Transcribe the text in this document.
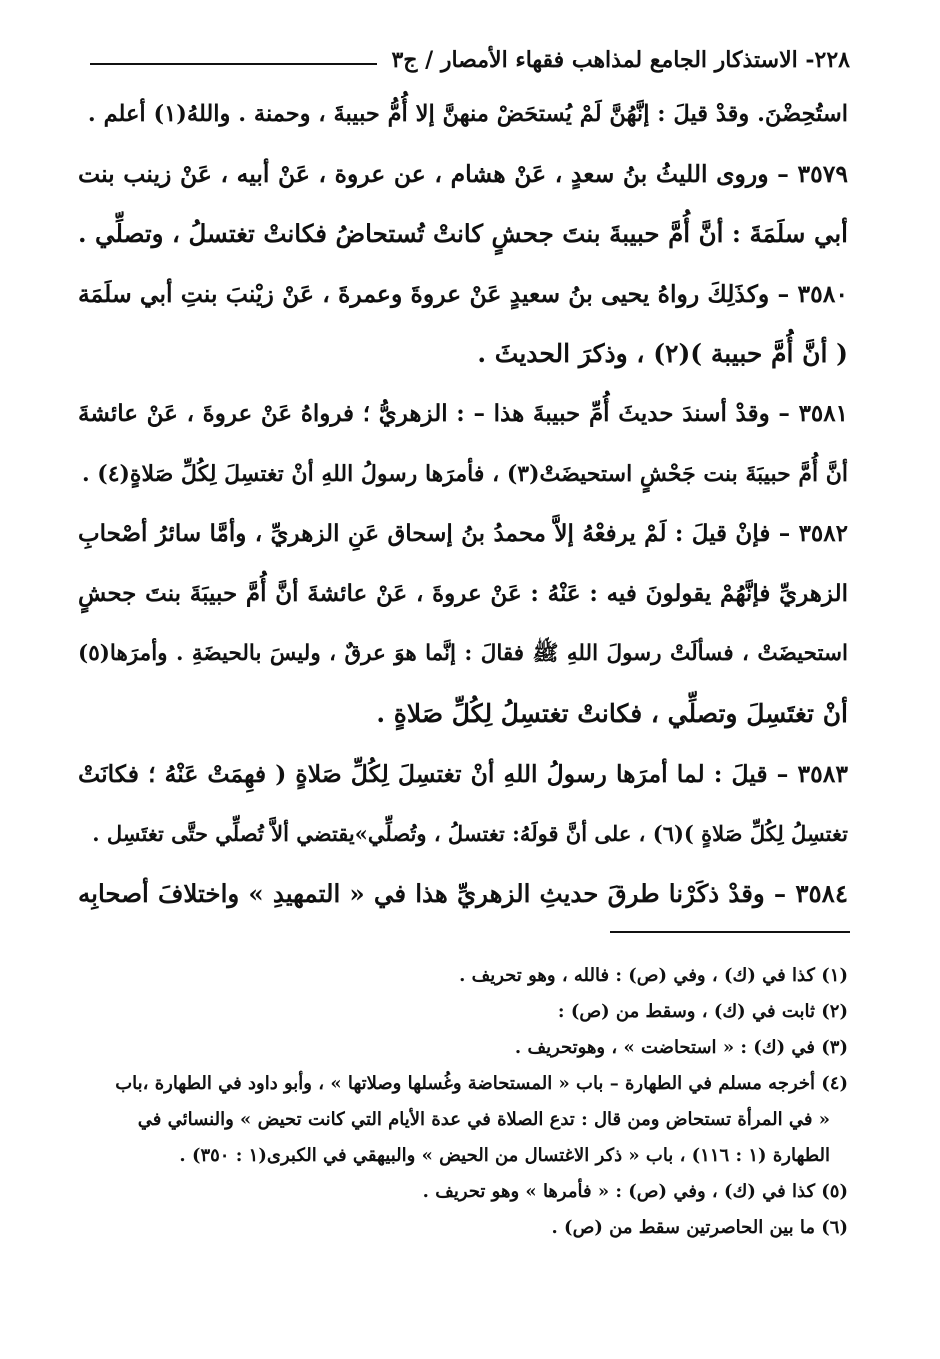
٢٢٨- الاستذكار الجامع لمذاهب فقهاء الأمصار / ج٣
استُحِضْنَ. وقدْ قيلَ : إنَّهُنَّ لَمْ يُستحَضْ منهنَّ إلا أُمُّ حبيبةَ ، وحمنة . واللهُ(١) أعلم .
٣٥٧٩ – وروى الليثُ بنُ سعدٍ ، عَنْ هشام ، عن عروة ، عَنْ أبيه ، عَنْ زينب بنت
أبي سلَمَةَ : أنَّ أُمَّ حبيبةَ بنتَ جحشٍ كانتْ تُستحاضُ فكانتْ تغتسلُ ، وتصلِّي .
٣٥٨٠ – وكذَلِكَ رواهُ يحيى بنُ سعيدٍ عَنْ عروةَ وعمرةَ ، عَنْ زيْنبَ بنتِ أبي سلَمَة
( أنَّ أُمَّ حبيبة )(٢) ، وذكرَ الحديثَ .
٣٥٨١ – وقدْ أسندَ حديثَ أُمِّ حبيبةَ هذا – : الزهريُّ ؛ فرواهُ عَنْ عروةَ ، عَنْ عائشةَ
أنَّ أُمَّ حبيبَةَ بنت جَحْشٍ استحيضَتْ(٣) ، فأمرَها رسولُ اللهِ أنْ تغتسِلَ لِكُلِّ صَلاةٍ(٤) .
٣٥٨٢ – فإنْ قيلَ : لَمْ يرفعْهُ إلاَّ محمدُ بنُ إسحاق عَنِ الزهريِّ ، وأمَّا سائرُ أصْحابِ
الزهريِّ فإنَّهُمْ يقولونَ فيه : عَنْهُ : عَنْ عروةَ ، عَنْ عائشةَ أنَّ أُمَّ حبيبَةَ بنتَ جحشٍ
استحيضَتْ ، فسألَتْ رسولَ اللهِ ﷺ فقالَ : إنَّما هوَ عرقٌ ، وليسَ بالحيضَةِ . وأمرَها(٥)
أنْ تغتَسِلَ وتصلِّي ، فكانتْ تغتسِلُ لِكُلِّ صَلاةٍ .
٣٥٨٣ – قيلَ : لما أمرَها رسولُ اللهِ أنْ تغتسِلَ لِكُلِّ صَلاةٍ ( فهِمَتْ عَنْهُ ؛ فكانَتْ
تغتسِلُ لِكُلِّ صَلاةٍ )(٦) ، على أنَّ قولَهُ: تغتسلُ ، وتُصلِّي»يقتضي ألاَّ تُصلِّي حتَّى تغتَسِل .
٣٥٨٤ – وقدْ ذكَرْنا طرقَ حديثِ الزهريِّ هذا في « التمهيدِ » واختلافَ أصحابِه
(١) كذا في (ك) ، وفي (ص) : فالله ، وهو تحريف .
(٢) ثابت في (ك) ، وسقط من (ص) :
(٣) في (ك) : « استحاضت » ، وهوتحريف .
(٤) أخرجه مسلم في الطهارة – باب « المستحاضة وغُسلها وصلاتها » ، وأبو داود في الطهارة ،باب
« في المرأة تستحاض ومن قال : تدع الصلاة في عدة الأيام التي كانت تحيض » والنسائي في
الطهارة (١ : ١١٦) ، باب « ذكر الاغتسال من الحيض » والبيهقي في الكبرى(١ : ٣٥٠) .
(٥) كذا في (ك) ، وفي (ص) : « فأمرها » وهو تحريف .
(٦) ما بين الحاصرتين سقط من (ص) .
